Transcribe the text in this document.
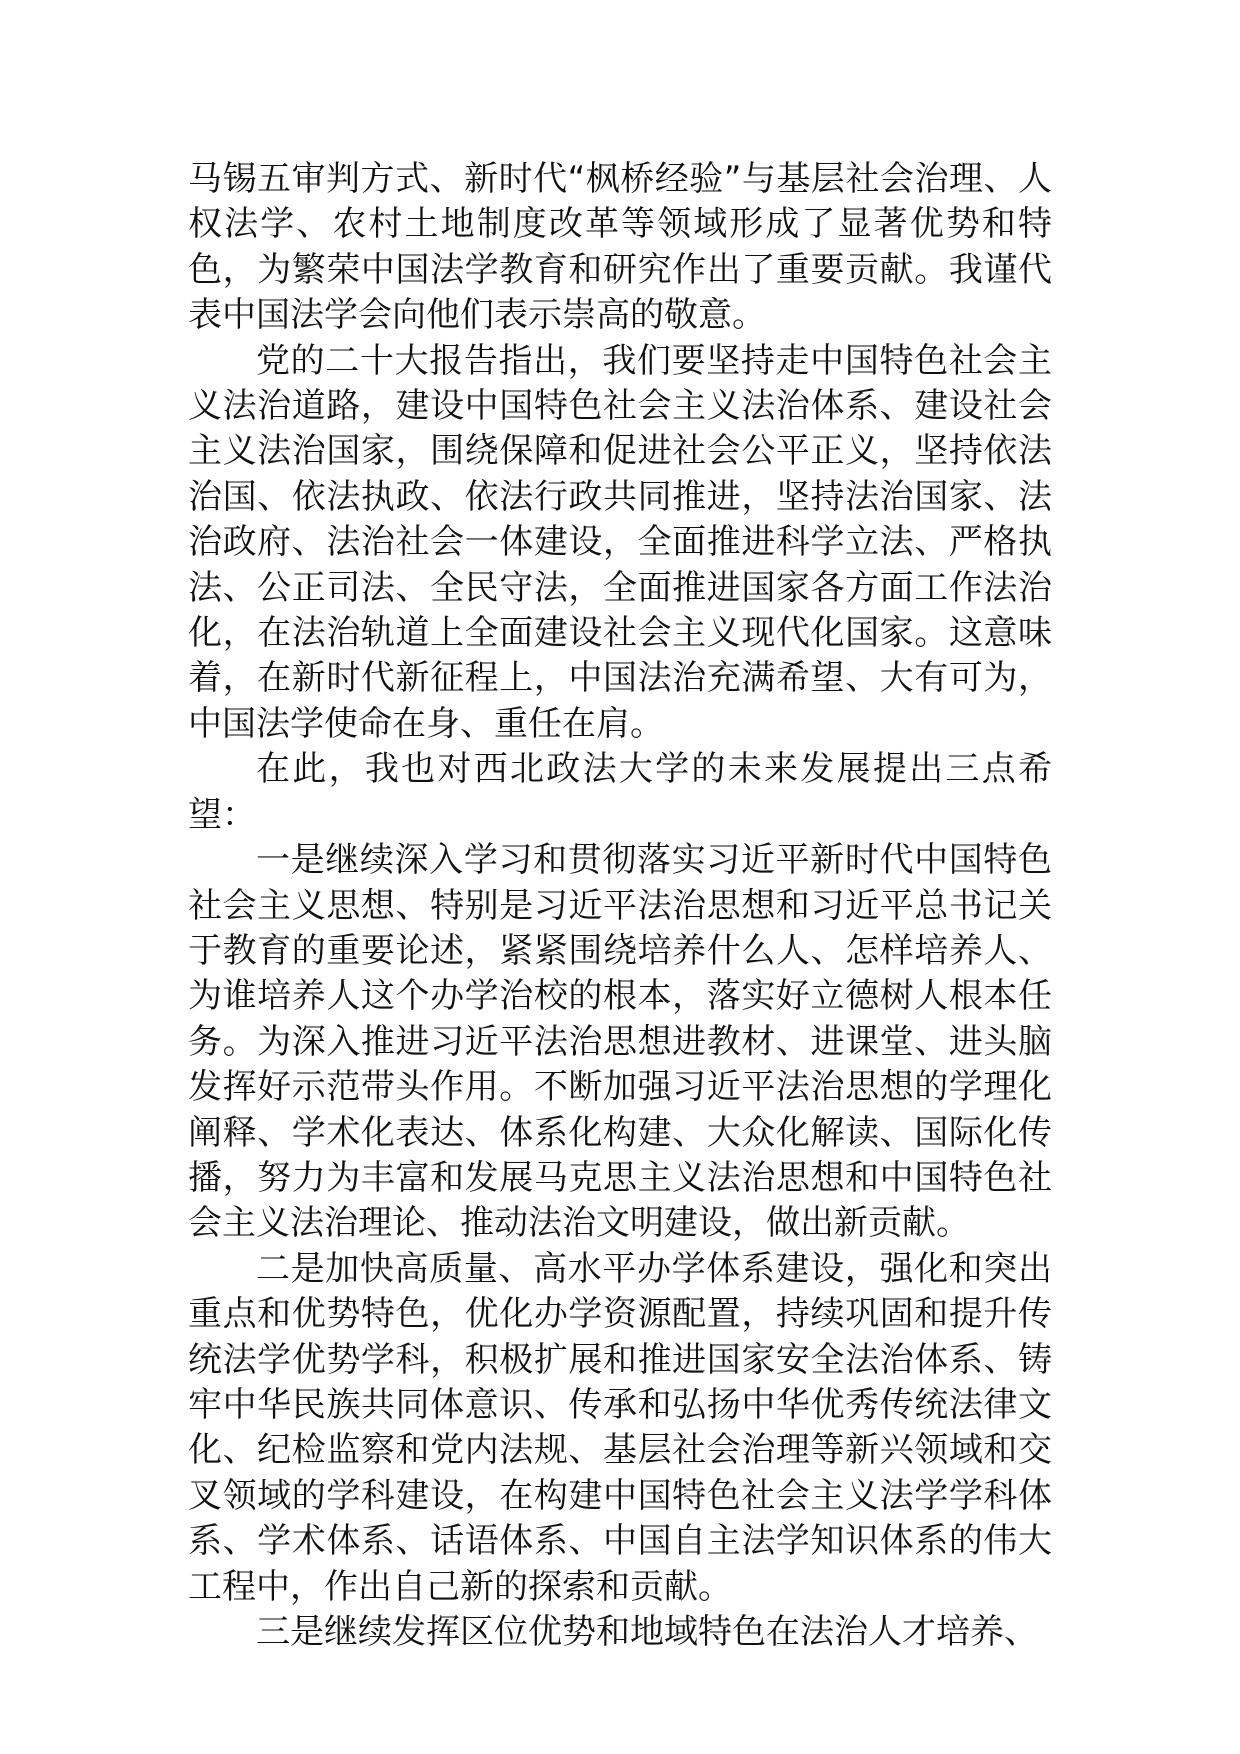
马锡五审判方式、新时代“枫桥经验”与基层社会治理、人权法学、农村土地制度改革等领域形成了显著优势和特色，为繁荣中国法学教育和研究作出了重要贡献。我谨代表中国法学会向他们表示崇高的敬意。

党的二十大报告指出，我们要坚持走中国特色社会主义法治道路，建设中国特色社会主义法治体系、建设社会主义法治国家，围绕保障和促进社会公平正义，坚持依法治国、依法执政、依法行政共同推进，坚持法治国家、法治政府、法治社会一体建设，全面推进科学立法、严格执法、公正司法、全民守法，全面推进国家各方面工作法治化，在法治轨道上全面建设社会主义现代化国家。这意味着，在新时代新征程上，中国法治充满希望、大有可为，中国法学使命在身、重任在肩。

在此，我也对西北政法大学的未来发展提出三点希望：

一是继续深入学习和贯彻落实习近平新时代中国特色社会主义思想、特别是习近平法治思想和习近平总书记关于教育的重要论述，紧紧围绕培养什么人、怎样培养人、为谁培养人这个办学治校的根本，落实好立德树人根本任务。为深入推进习近平法治思想进教材、进课堂、进头脑发挥好示范带头作用。不断加强习近平法治思想的学理化阐释、学术化表达、体系化构建、大众化解读、国际化传播，努力为丰富和发展马克思主义法治思想和中国特色社会主义法治理论、推动法治文明建设，做出新贡献。

二是加快高质量、高水平办学体系建设，强化和突出重点和优势特色，优化办学资源配置，持续巩固和提升传统法学优势学科，积极扩展和推进国家安全法治体系、铸牢中华民族共同体意识、传承和弘扬中华优秀传统法律文化、纪检监察和党内法规、基层社会治理等新兴领域和交叉领域的学科建设，在构建中国特色社会主义法学学科体系、学术体系、话语体系、中国自主法学知识体系的伟大工程中，作出自己新的探索和贡献。

三是继续发挥区位优势和地域特色在法治人才培养、
